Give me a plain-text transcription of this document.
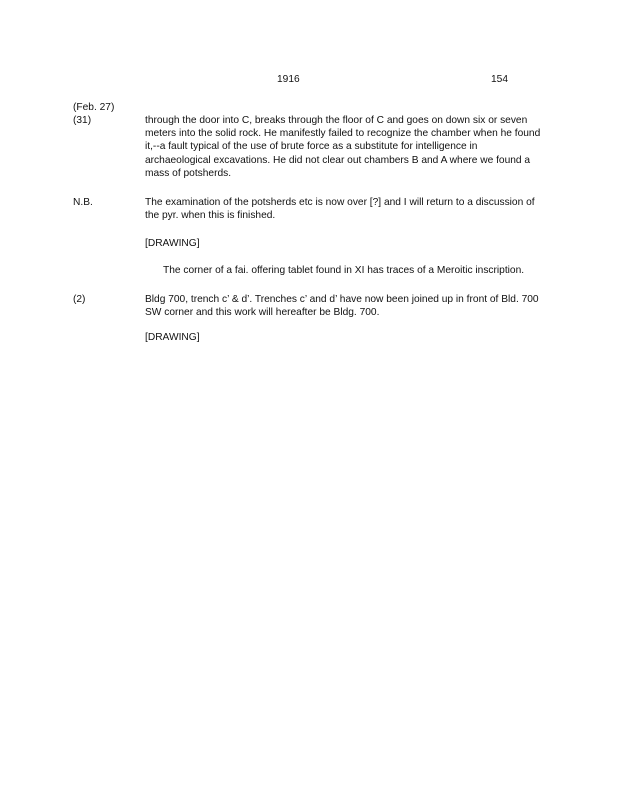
1916	154
(Feb. 27)
(31)	through the door into C, breaks through the floor of C and goes on down six or seven meters into the solid rock. He manifestly failed to recognize the chamber when he found it,--a fault typical of the use of brute force as a substitute for intelligence in archaeological excavations. He did not clear out chambers B and A where we found a mass of potsherds.
N.B.	The examination of the potsherds etc is now over [?] and I will return to a discussion of the pyr. when this is finished.
[DRAWING]
The corner of a fai. offering tablet found in XI has traces of a Meroitic inscription.
(2)	Bldg 700, trench c’ & d’. Trenches c’ and d’ have now been joined up in front of Bld. 700 SW corner and this work will hereafter be Bldg. 700.
[DRAWING]
